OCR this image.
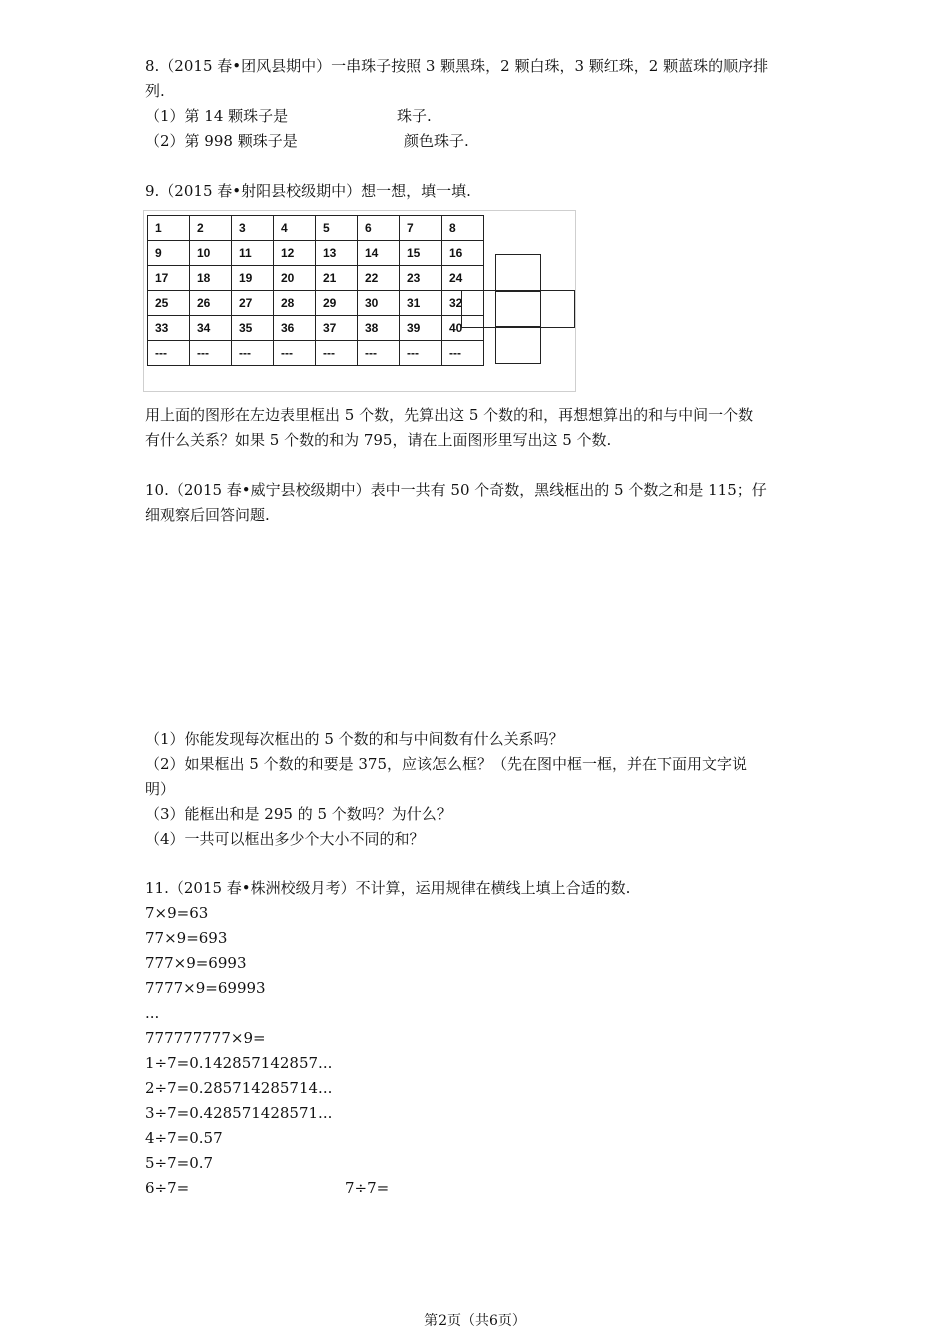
8.（2015 春•团风县期中）一串珠子按照 3 颗黑珠，2 颗白珠，3 颗红珠，2 颗蓝珠的顺序排
列.
（1）第 14 颗珠子是	珠子.
（2）第 998 颗珠子是	颜色珠子.
9.（2015 春•射阳县校级期中）想一想，填一填.
1	2	3	4	5	6	7	8
9	10	11	12	13	14	15	16
17	18	19	20	21	22	23	24
25	26	27	28	29	30	31	32
33	34	35	36	37	38	39	40
---	---	---	---	---	---	---	---
用上面的图形在左边表里框出 5 个数，先算出这 5 个数的和，再想想算出的和与中间一个数
有什么关系？如果 5 个数的和为 795，请在上面图形里写出这 5 个数.
10.（2015 春•威宁县校级期中）表中一共有 50 个奇数，黑线框出的 5 个数之和是 115；仔
细观察后回答问题.
（1）你能发现每次框出的 5 个数的和与中间数有什么关系吗？
（2）如果框出 5 个数的和要是 375，应该怎么框？（先在图中框一框，并在下面用文字说
明）
（3）能框出和是 295 的 5 个数吗？为什么？
（4）一共可以框出多少个大小不同的和？
11.（2015 春•株洲校级月考）不计算，运用规律在横线上填上合适的数.
7×9=63
77×9=693
777×9=6993
7777×9=69993
...
777777777×9=
1÷7=0.142857142857...
2÷7=0.285714285714...
3÷7=0.428571428571...
4÷7=0.57
5÷7=0.7
6÷7=	7÷7=
第2页（共6页）
